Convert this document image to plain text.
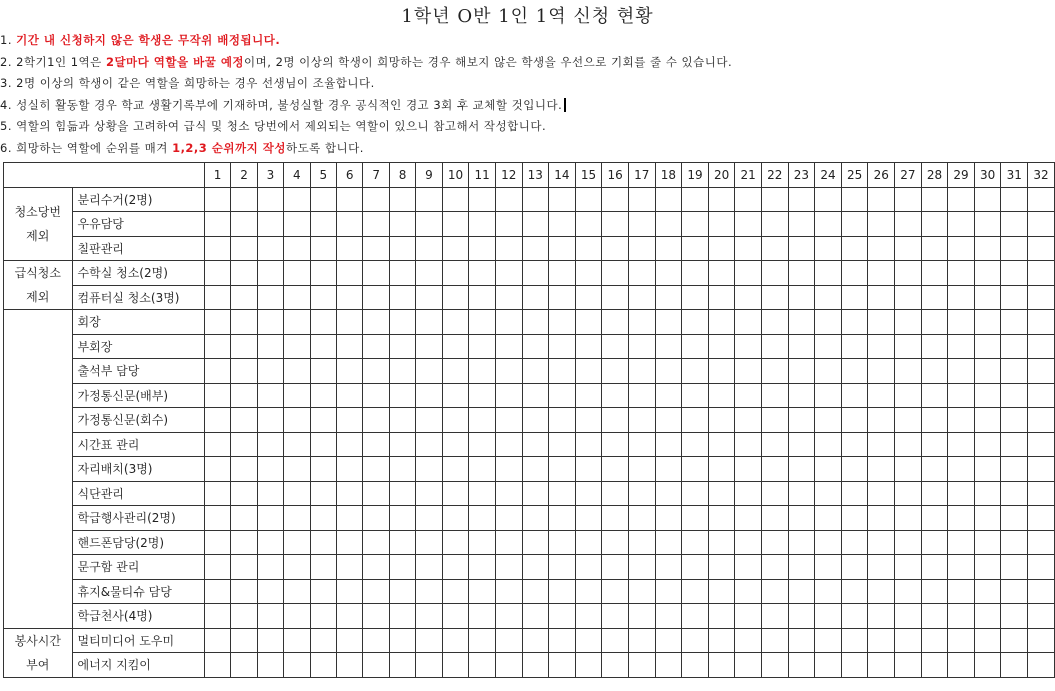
1학년 O반 1인 1역 신청 현황
1. 기간 내 신청하지 않은 학생은 무작위 배정됩니다.
2. 2학기1인 1역은 2달마다 역할을 바꿀 예정이며, 2명 이상의 학생이 희망하는 경우 해보지 않은 학생을 우선으로 기회를 줄 수 있습니다.
3. 2명 이상의 학생이 같은 역할을 희망하는 경우 선생님이 조율합니다.
4. 성실히 활동할 경우 학교 생활기록부에 기재하며, 불성실할 경우 공식적인 경고 3회 후 교체할 것입니다.
5. 역할의 힘듦과 상황을 고려하여 급식 및 청소 당번에서 제외되는 역할이 있으니 참고해서 작성합니다.
6. 희망하는 역할에 순위를 매겨 1,2,3 순위까지 작성하도록 합니다.
		1	2	3	4	5	6	7	8	9	10	11	12	13	14	15	16	17	18	19	20	21	22	23	24	25	26	27	28	29	30	31	32
청소당번
제외	분리수거(2명)																																
	우유담당																																
	칠판관리																																
급식청소
제외	수학실 청소(2명)																																
	컴퓨터실 청소(3명)																																
	회장																																
	부회장																																
	출석부 담당																																
	가정통신문(배부)																																
	가정통신문(회수)																																
	시간표 관리																																
	자리배치(3명)																																
	식단관리																																
	학급행사관리(2명)																																
	핸드폰담당(2명)																																
	문구함 관리																																
	휴지&물티슈 담당																																
	학급천사(4명)																																
봉사시간
부여	멀티미디어 도우미																																
	에너지 지킴이																																
